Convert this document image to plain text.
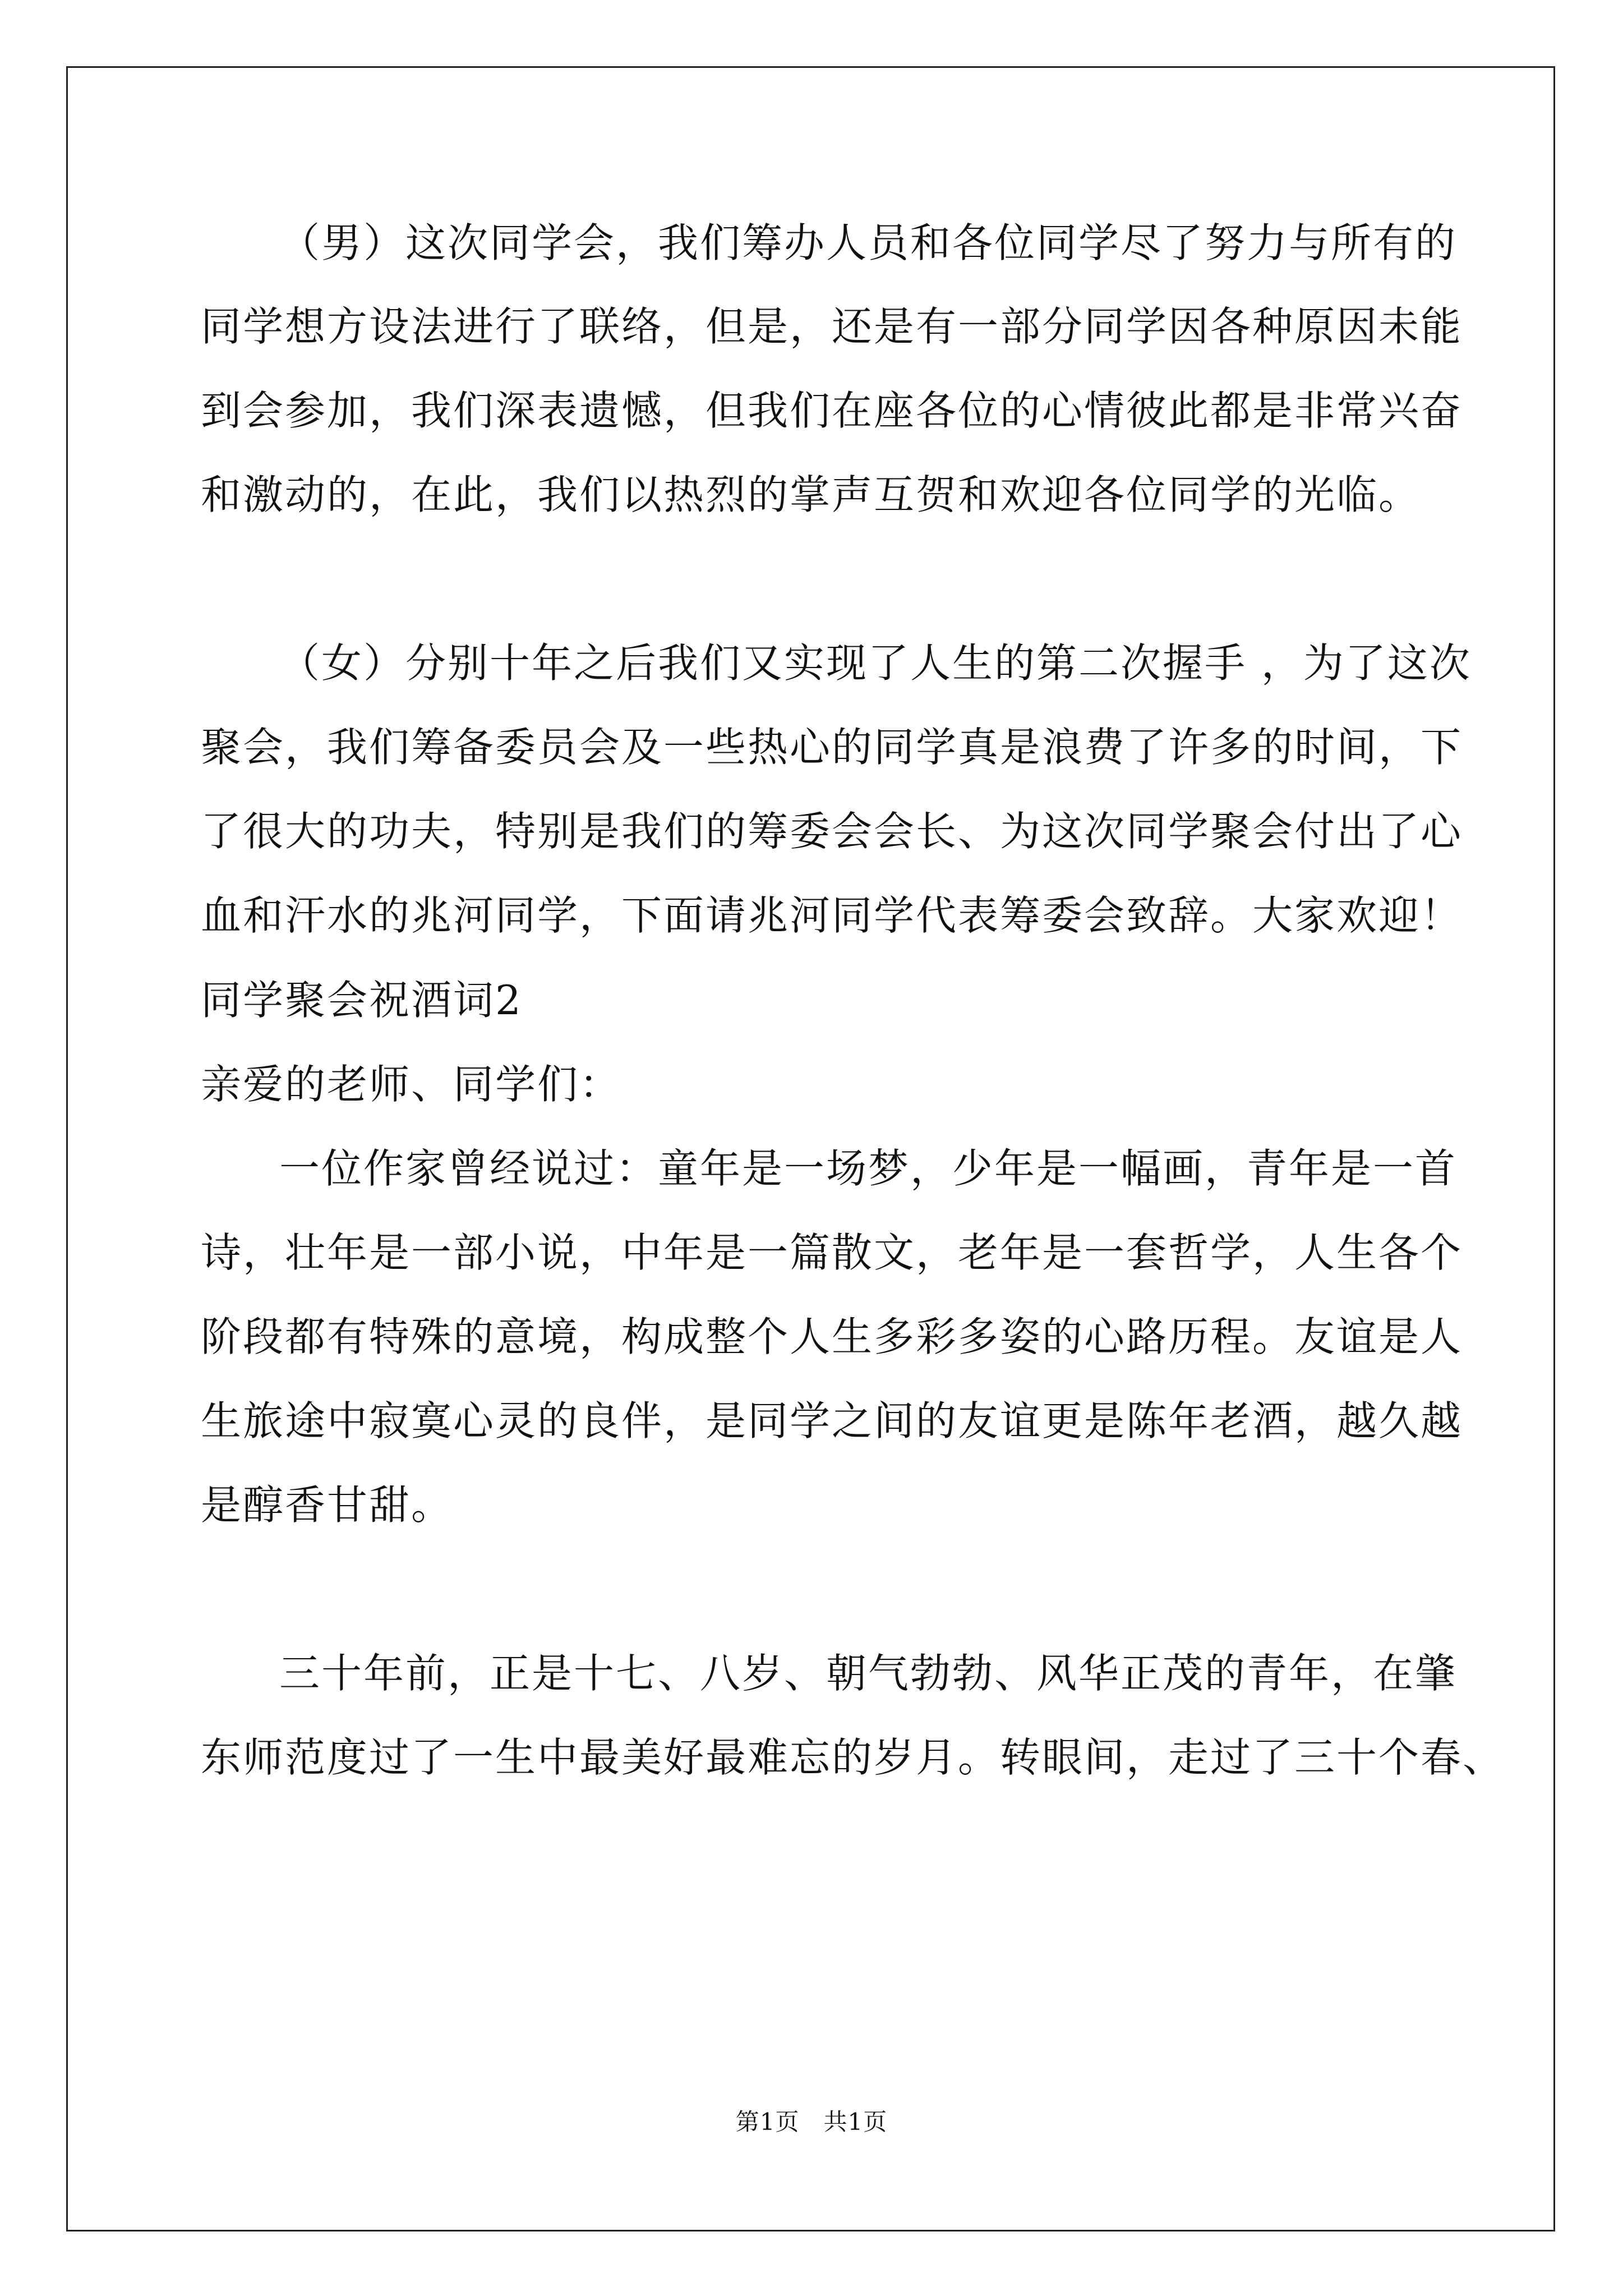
（男）这次同学会，我们筹办人员和各位同学尽了努力与所有的
同学想方设法进行了联络，但是，还是有一部分同学因各种原因未能
到会参加，我们深表遗憾，但我们在座各位的心情彼此都是非常兴奋
和激动的，在此，我们以热烈的掌声互贺和欢迎各位同学的光临。
（女）分别十年之后我们又实现了人生的第二次握手 ，为了这次
聚会，我们筹备委员会及一些热心的同学真是浪费了许多的时间，下
了很大的功夫，特别是我们的筹委会会长、为这次同学聚会付出了心
血和汗水的兆河同学，下面请兆河同学代表筹委会致辞。大家欢迎！
同学聚会祝酒词2
亲爱的老师、同学们：
一位作家曾经说过：童年是一场梦，少年是一幅画，青年是一首
诗，壮年是一部小说，中年是一篇散文，老年是一套哲学，人生各个
阶段都有特殊的意境，构成整个人生多彩多姿的心路历程。友谊是人
生旅途中寂寞心灵的良伴，是同学之间的友谊更是陈年老酒，越久越
是醇香甘甜。
三十年前，正是十七、八岁、朝气勃勃、风华正茂的青年，在肇
东师范度过了一生中最美好最难忘的岁月。转眼间，走过了三十个春、
第1页　共1页
